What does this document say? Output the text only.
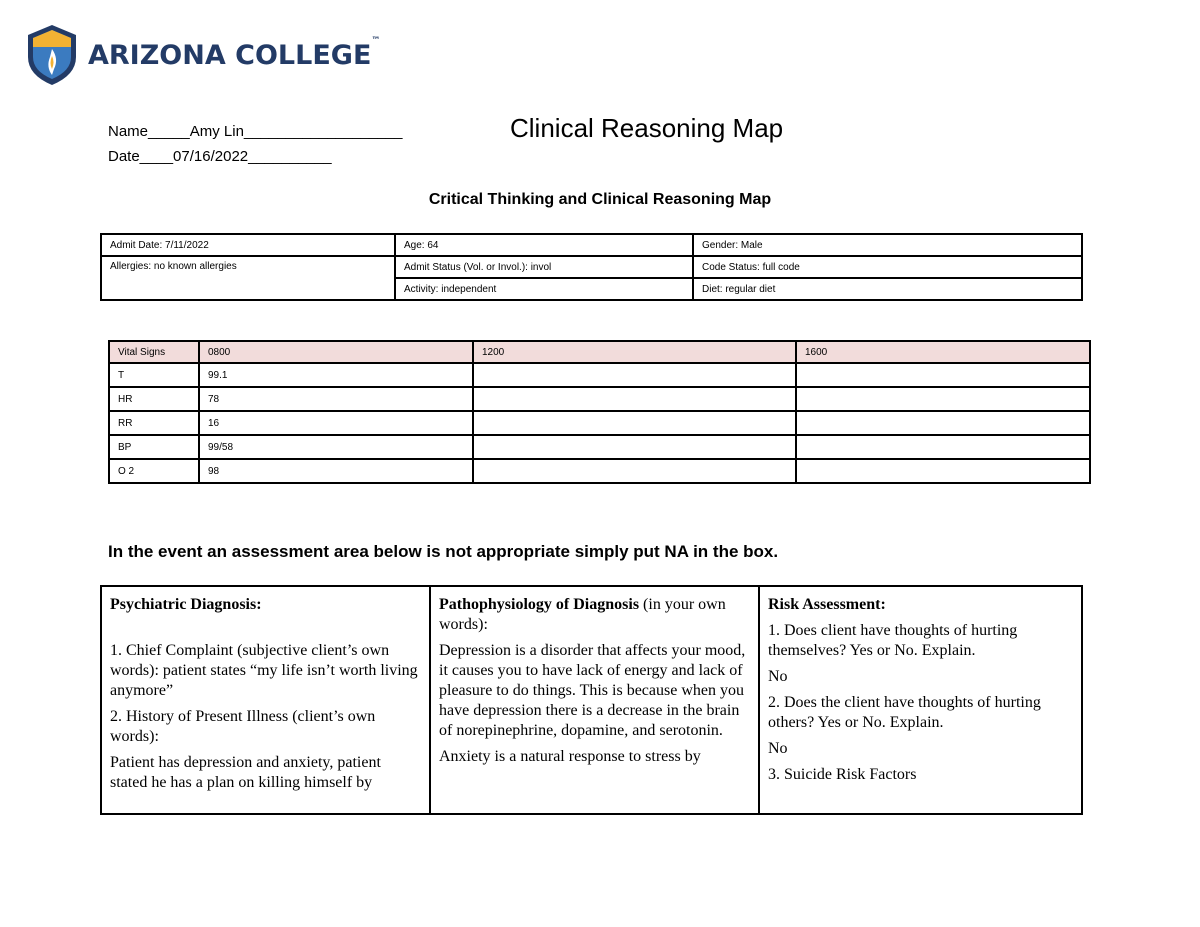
ARIZONA COLLEGE™
Name_____Amy Lin___________________
Date____07/16/2022__________
Clinical Reasoning Map
Critical Thinking and Clinical Reasoning Map
Admit Date: 7/11/2022	Age: 64	Gender: Male
Allergies: no known allergies	Admit Status (Vol. or Invol.): invol	Code Status: full code
	Activity: independent	Diet: regular diet
Vital Signs	0800	1200	1600
T	99.1		
HR	78		
RR	16		
BP	99/58		
O 2	98		
In the event an assessment area below is not appropriate simply put NA in the box.

Psychiatric Diagnosis:

1. Chief Complaint (subjective client’s own words): patient states “my life isn’t worth living anymore”

2. History of Present Illness (client’s own words):

Patient has depression and anxiety, patient stated he has a plan on killing himself by

Pathophysiology of Diagnosis (in your own words):

Depression is a disorder that affects your mood, it causes you to have lack of energy and lack of pleasure to do things. This is because when you have depression there is a decrease in the brain of norepinephrine, dopamine, and serotonin.

Anxiety is a natural response to stress by

Risk Assessment:

1. Does client have thoughts of hurting themselves? Yes or No. Explain.

No

2. Does the client have thoughts of hurting others? Yes or No. Explain.

No

3. Suicide Risk Factors
